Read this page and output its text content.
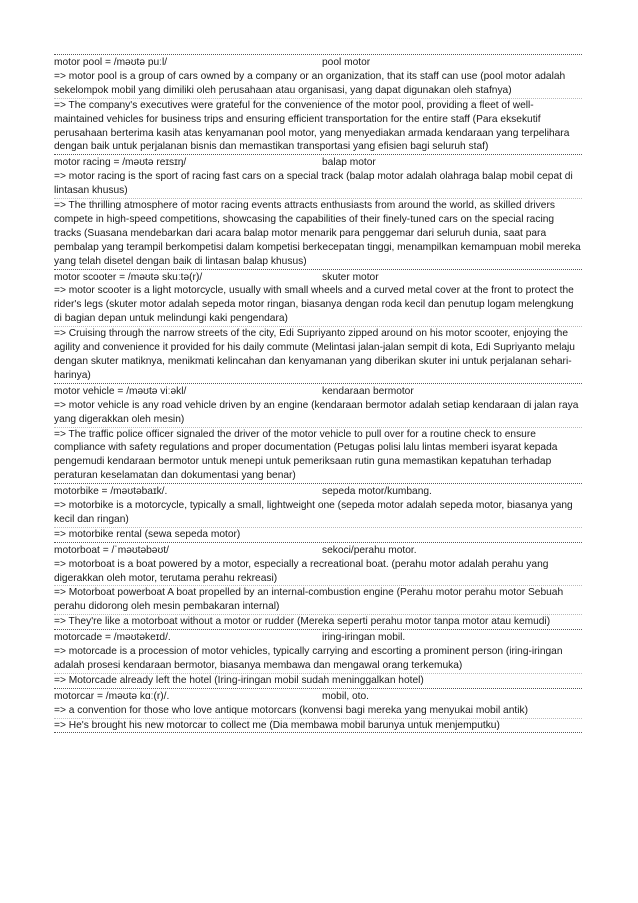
motor pool = /məʊtə puːl/	pool motor
=> motor pool is a group of cars owned by a company or an organization, that its staff can use (pool motor adalah sekelompok mobil yang dimiliki oleh perusahaan atau organisasi, yang dapat digunakan oleh stafnya)
=> The company's executives were grateful for the convenience of the motor pool, providing a fleet of well-maintained vehicles for business trips and ensuring efficient transportation for the entire staff (Para eksekutif perusahaan berterima kasih atas kenyamanan pool motor, yang menyediakan armada kendaraan yang terpelihara dengan baik untuk perjalanan bisnis dan memastikan transportasi yang efisien bagi seluruh staf)
motor racing = /məʊtə reɪsɪŋ/	balap motor
=> motor racing is the sport of racing fast cars on a special track (balap motor adalah olahraga balap mobil cepat di lintasan khusus)
=> The thrilling atmosphere of motor racing events attracts enthusiasts from around the world, as skilled drivers compete in high-speed competitions, showcasing the capabilities of their finely-tuned cars on the special racing tracks (Suasana mendebarkan dari acara balap motor menarik para penggemar dari seluruh dunia, saat para pembalap yang terampil berkompetisi dalam kompetisi berkecepatan tinggi, menampilkan kemampuan mobil mereka yang telah disetel dengan baik di lintasan balap khusus)
motor scooter = /məʊtə skuːtə(r)/	skuter motor
=> motor scooter is a light motorcycle, usually with small wheels and a curved metal cover at the front to protect the rider's legs (skuter motor adalah sepeda motor ringan, biasanya dengan roda kecil dan penutup logam melengkung di bagian depan untuk melindungi kaki pengendara)
=> Cruising through the narrow streets of the city, Edi Supriyanto zipped around on his motor scooter, enjoying the agility and convenience it provided for his daily commute (Melintasi jalan-jalan sempit di kota, Edi Supriyanto melaju dengan skuter matiknya, menikmati kelincahan dan kenyamanan yang diberikan skuter ini untuk perjalanan sehari-harinya)
motor vehicle = /məʊtə viːəkl/	kendaraan bermotor
=> motor vehicle is any road vehicle driven by an engine (kendaraan bermotor adalah setiap kendaraan di jalan raya yang digerakkan oleh mesin)
=> The traffic police officer signaled the driver of the motor vehicle to pull over for a routine check to ensure compliance with safety regulations and proper documentation (Petugas polisi lalu lintas memberi isyarat kepada pengemudi kendaraan bermotor untuk menepi untuk pemeriksaan rutin guna memastikan kepatuhan terhadap peraturan keselamatan dan dokumentasi yang benar)
motorbike = /məʊtəbaɪk/.	sepeda motor/kumbang.
=> motorbike is a motorcycle, typically a small, lightweight one (sepeda motor adalah sepeda motor, biasanya yang kecil dan ringan)
=> motorbike rental (sewa sepeda motor)
motorboat = /ˈməʊtəbəʊt/	sekoci/perahu motor.
=> motorboat is a boat powered by a motor, especially a recreational boat. (perahu motor adalah perahu yang digerakkan oleh motor, terutama perahu rekreasi)
=> Motorboat powerboat A boat propelled by an internal-combustion engine (Perahu motor perahu motor Sebuah perahu didorong oleh mesin pembakaran internal)
=> They're like a motorboat without a motor or rudder (Mereka seperti perahu motor tanpa motor atau kemudi)
motorcade = /məʊtəkeɪd/.	iring-iringan mobil.
=> motorcade is a procession of motor vehicles, typically carrying and escorting a prominent person (iring-iringan adalah prosesi kendaraan bermotor, biasanya membawa dan mengawal orang terkemuka)
=> Motorcade already left the hotel (Iring-iringan mobil sudah meninggalkan hotel)
motorcar = /məʊtə kɑː(r)/.	mobil, oto.
=> a convention for those who love antique motorcars (konvensi bagi mereka yang menyukai mobil antik)
=> He's brought his new motorcar to collect me (Dia membawa mobil barunya untuk menjemputku)
